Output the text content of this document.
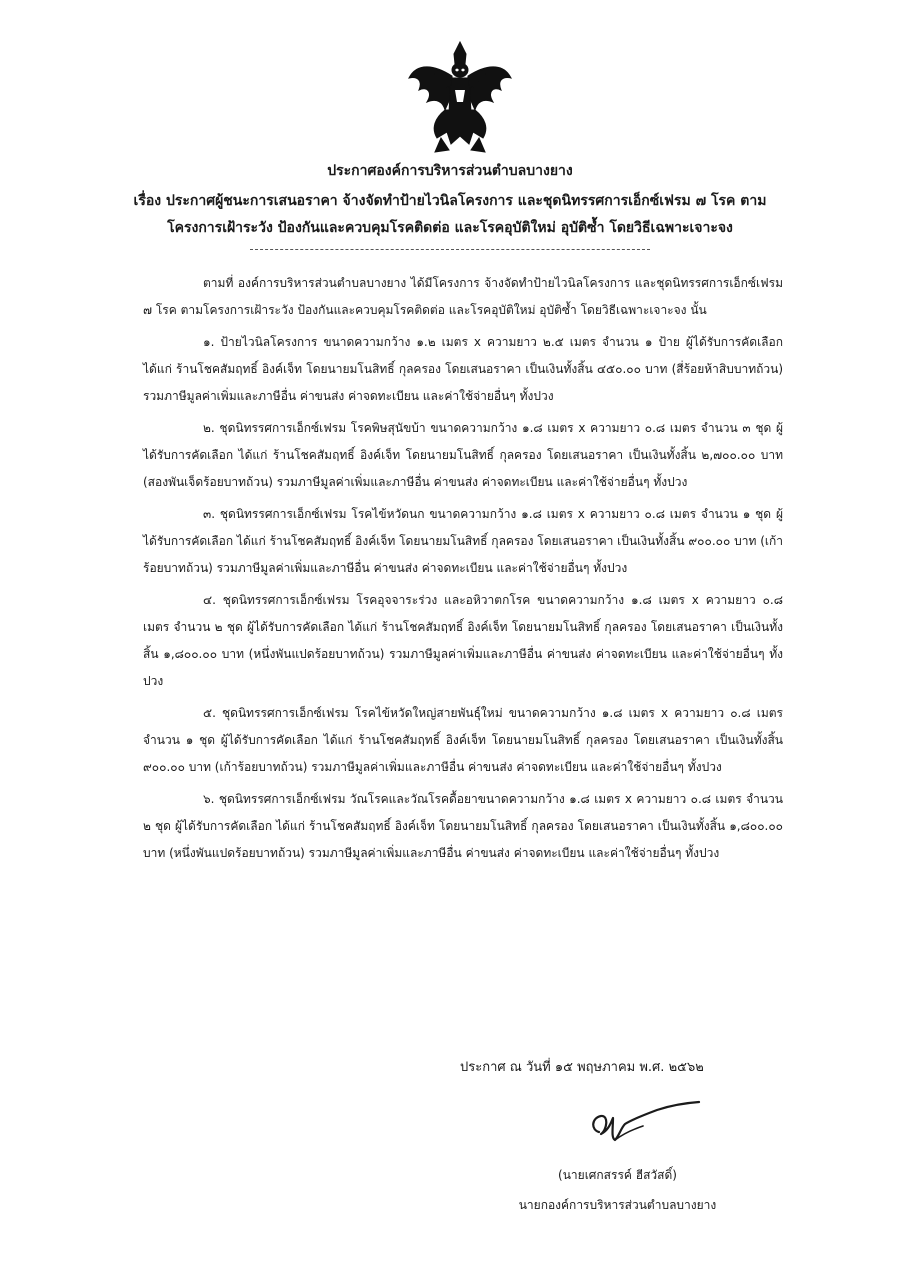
ประกาศองค์การบริหารส่วนตำบลบางยาง
เรื่อง ประกาศผู้ชนะการเสนอราคา จ้างจัดทำป้ายไวนิลโครงการ และชุดนิทรรศการเอ็กซ์เฟรม ๗ โรค ตาม
โครงการเฝ้าระวัง ป้องกันและควบคุมโรคติดต่อ และโรคอุบัติใหม่ อุบัติซ้ำ โดยวิธีเฉพาะเจาะจง

ตามที่ องค์การบริหารส่วนตำบลบางยาง ได้มีโครงการ จ้างจัดทำป้ายไวนิลโครงการ และชุดนิทรรศการเอ็กซ์เฟรม ๗ โรค ตามโครงการเฝ้าระวัง ป้องกันและควบคุมโรคติดต่อ และโรคอุบัติใหม่ อุบัติซ้ำ โดยวิธีเฉพาะเจาะจง นั้น

๑. ป้ายไวนิลโครงการ ขนาดความกว้าง ๑.๒ เมตร x ความยาว ๒.๕ เมตร จำนวน ๑ ป้าย ผู้ได้รับการคัดเลือก ได้แก่ ร้านโชคสัมฤทธิ์ อิงค์เจ็ท โดยนายมโนสิทธิ์ กุลครอง โดยเสนอราคา เป็นเงินทั้งสิ้น ๔๕๐.๐๐ บาท (สี่ร้อยห้าสิบบาทถ้วน) รวมภาษีมูลค่าเพิ่มและภาษีอื่น ค่าขนส่ง ค่าจดทะเบียน และค่าใช้จ่ายอื่นๆ ทั้งปวง

๒. ชุดนิทรรศการเอ็กซ์เฟรม โรคพิษสุนัขบ้า ขนาดความกว้าง ๑.๘ เมตร x ความยาว ๐.๘ เมตร จำนวน ๓ ชุด ผู้ได้รับการคัดเลือก ได้แก่ ร้านโชคสัมฤทธิ์ อิงค์เจ็ท โดยนายมโนสิทธิ์ กุลครอง โดยเสนอราคา เป็นเงินทั้งสิ้น ๒,๗๐๐.๐๐ บาท (สองพันเจ็ดร้อยบาทถ้วน) รวมภาษีมูลค่าเพิ่มและภาษีอื่น ค่าขนส่ง ค่าจดทะเบียน และค่าใช้จ่ายอื่นๆ ทั้งปวง

๓. ชุดนิทรรศการเอ็กซ์เฟรม โรคไข้หวัดนก ขนาดความกว้าง ๑.๘ เมตร x ความยาว ๐.๘ เมตร จำนวน ๑ ชุด ผู้ได้รับการคัดเลือก ได้แก่ ร้านโชคสัมฤทธิ์ อิงค์เจ็ท โดยนายมโนสิทธิ์ กุลครอง โดยเสนอราคา เป็นเงินทั้งสิ้น ๙๐๐.๐๐ บาท (เก้าร้อยบาทถ้วน) รวมภาษีมูลค่าเพิ่มและภาษีอื่น ค่าขนส่ง ค่าจดทะเบียน และค่าใช้จ่ายอื่นๆ ทั้งปวง

๔. ชุดนิทรรศการเอ็กซ์เฟรม โรคอุจจาระร่วง และอหิวาตกโรค ขนาดความกว้าง ๑.๘ เมตร x ความยาว ๐.๘ เมตร จำนวน ๒ ชุด ผู้ได้รับการคัดเลือก ได้แก่ ร้านโชคสัมฤทธิ์ อิงค์เจ็ท โดยนายมโนสิทธิ์ กุลครอง โดยเสนอราคา เป็นเงินทั้งสิ้น ๑,๘๐๐.๐๐ บาท (หนึ่งพันแปดร้อยบาทถ้วน) รวมภาษีมูลค่าเพิ่มและภาษีอื่น ค่าขนส่ง ค่าจดทะเบียน และค่าใช้จ่ายอื่นๆ ทั้งปวง

๕. ชุดนิทรรศการเอ็กซ์เฟรม โรคไข้หวัดใหญ่สายพันธุ์ใหม่ ขนาดความกว้าง ๑.๘ เมตร x ความยาว ๐.๘ เมตร จำนวน ๑ ชุด ผู้ได้รับการคัดเลือก ได้แก่ ร้านโชคสัมฤทธิ์ อิงค์เจ็ท โดยนายมโนสิทธิ์ กุลครอง โดยเสนอราคา เป็นเงินทั้งสิ้น ๙๐๐.๐๐ บาท (เก้าร้อยบาทถ้วน) รวมภาษีมูลค่าเพิ่มและภาษีอื่น ค่าขนส่ง ค่าจดทะเบียน และค่าใช้จ่ายอื่นๆ ทั้งปวง

๖. ชุดนิทรรศการเอ็กซ์เฟรม วัณโรคและวัณโรคดื้อยาขนาดความกว้าง ๑.๘ เมตร x ความยาว ๐.๘ เมตร จำนวน ๒ ชุด ผู้ได้รับการคัดเลือก ได้แก่ ร้านโชคสัมฤทธิ์ อิงค์เจ็ท โดยนายมโนสิทธิ์ กุลครอง โดยเสนอราคา เป็นเงินทั้งสิ้น ๑,๘๐๐.๐๐ บาท (หนึ่งพันแปดร้อยบาทถ้วน) รวมภาษีมูลค่าเพิ่มและภาษีอื่น ค่าขนส่ง ค่าจดทะเบียน และค่าใช้จ่ายอื่นๆ ทั้งปวง

ประกาศ ณ วันที่ ๑๕ พฤษภาคม พ.ศ. ๒๕๖๒
(นายเศกสรรค์ ฮีสวัสดิ์)
นายกองค์การบริหารส่วนตำบลบางยาง
